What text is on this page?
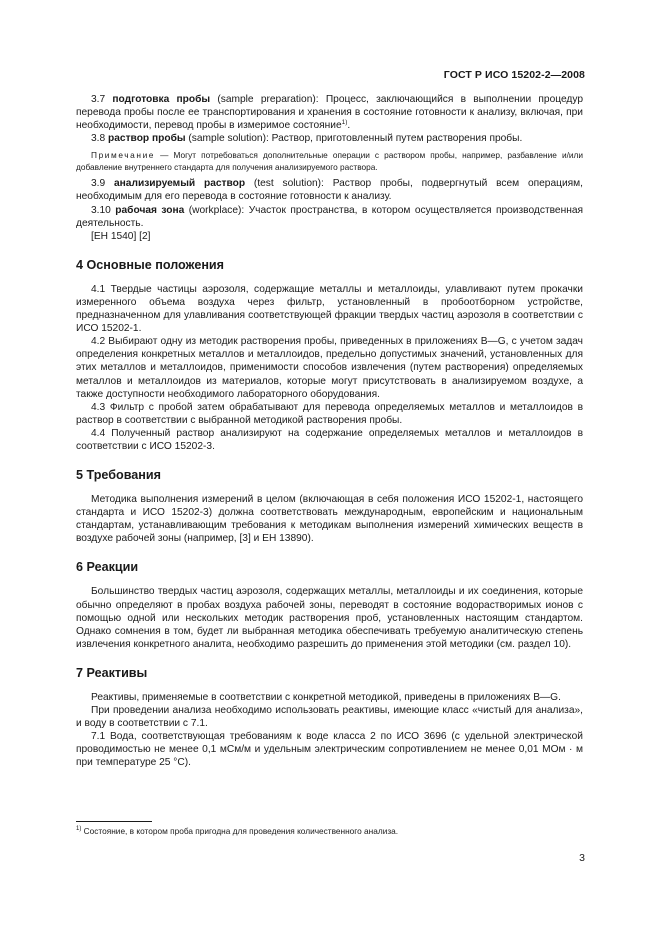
ГОСТ Р ИСО 15202-2—2008

3.7 подготовка пробы (sample preparation): Процесс, заключающийся в выполнении процедур перевода пробы после ее транспортирования и хранения в состояние готовности к анализу, включая, при необходимости, перевод пробы в измеримое состояние$^{1)}$.

3.8 раствор пробы (sample solution): Раствор, приготовленный путем растворения пробы.

Примечание — Могут потребоваться дополнительные операции с раствором пробы, например, разбавление и/или добавление внутреннего стандарта для получения анализируемого раствора.

3.9 анализируемый раствор (test solution): Раствор пробы, подвергнутый всем операциям, необходимым для его перевода в состояние готовности к анализу.

3.10 рабочая зона (workplace): Участок пространства, в котором осуществляется производственная деятельность.

[ЕН 1540] [2]

4 Основные положения

4.1 Твердые частицы аэрозоля, содержащие металлы и металлоиды, улавливают путем прокачки измеренного объема воздуха через фильтр, установленный в пробоотборном устройстве, предназначенном для улавливания соответствующей фракции твердых частиц аэрозоля в соответствии с ИСО 15202-1.

4.2 Выбирают одну из методик растворения пробы, приведенных в приложениях В—G, с учетом задач определения конкретных металлов и металлоидов, предельно допустимых значений, установленных для этих металлов и металлоидов, применимости способов извлечения (путем растворения) определяемых металлов и металлоидов из материалов, которые могут присутствовать в анализируемом воздухе, а также доступности необходимого лабораторного оборудования.

4.3 Фильтр с пробой затем обрабатывают для перевода определяемых металлов и металлоидов в раствор в соответствии с выбранной методикой растворения пробы.

4.4 Полученный раствор анализируют на содержание определяемых металлов и металлоидов в соответствии с ИСО 15202-3.

5 Требования

Методика выполнения измерений в целом (включающая в себя положения ИСО 15202-1, настоящего стандарта и ИСО 15202-3) должна соответствовать международным, европейским и национальным стандартам, устанавливающим требования к методикам выполнения измерений химических веществ в воздухе рабочей зоны (например, [3] и ЕН 13890).

6 Реакции

Большинство твердых частиц аэрозоля, содержащих металлы, металлоиды и их соединения, которые обычно определяют в пробах воздуха рабочей зоны, переводят в состояние водорастворимых ионов с помощью одной или нескольких методик растворения проб, установленных настоящим стандартом. Однако сомнения в том, будет ли выбранная методика обеспечивать требуемую аналитическую степень извлечения конкретного аналита, необходимо разрешить до применения этой методики (см. раздел 10).

7 Реактивы

Реактивы, применяемые в соответствии с конкретной методикой, приведены в приложениях В—G.

При проведении анализа необходимо использовать реактивы, имеющие класс «чистый для анализа», и воду в соответствии с 7.1.

7.1 Вода, соответствующая требованиям к воде класса 2 по ИСО 3696 (с удельной электрической проводимостью не менее 0,1 мСм/м и удельным электрическим сопротивлением не менее 0,01 МОм · м при температуре 25 °С).

$^{1)}$ Состояние, в котором проба пригодна для проведения количественного анализа.
3
